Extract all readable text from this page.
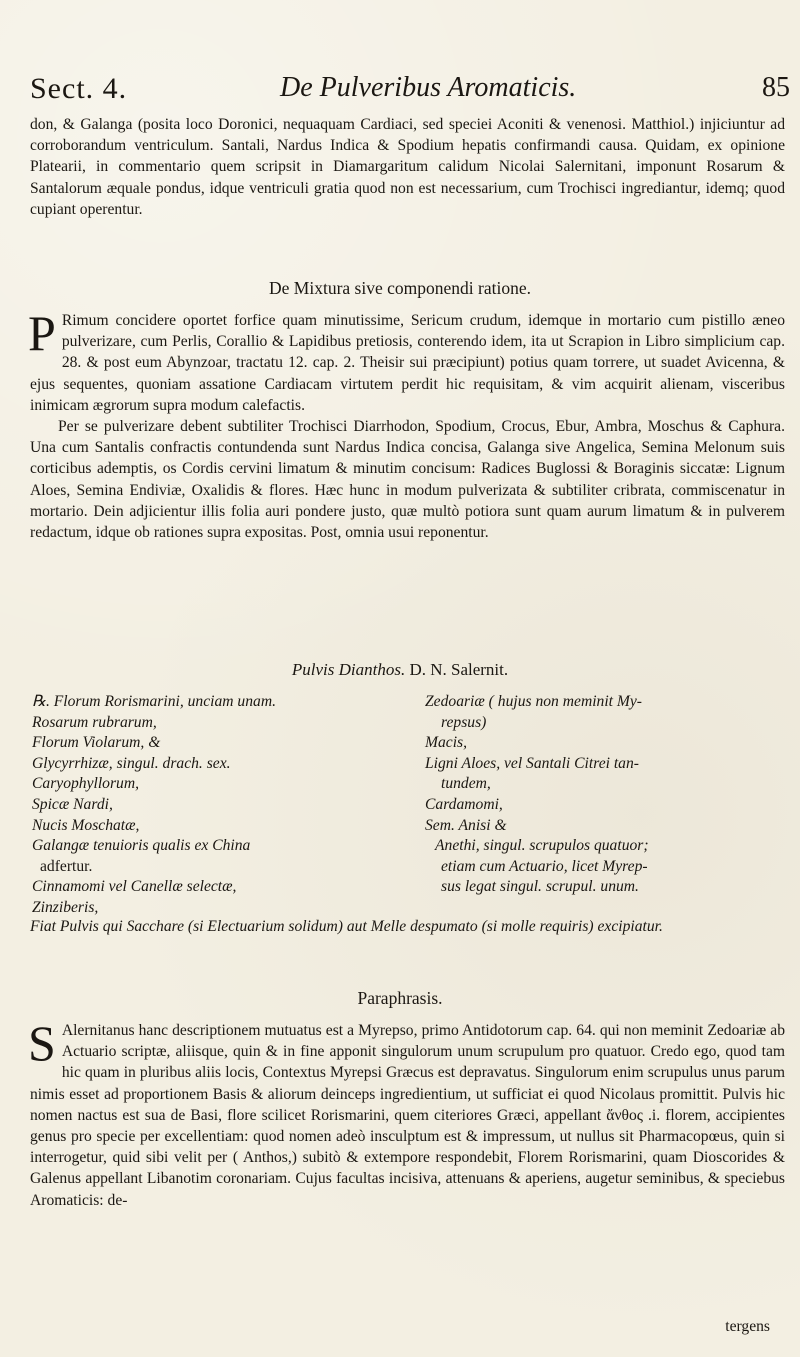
Sect. 4.	De Pulveribus Aromaticis.	85

don, & Galanga (posita loco Doronici, nequaquam Cardiaci, sed speciei Aconiti & venenosi. Matthiol.) injiciuntur ad corroborandum ventriculum. Santali, Nardus Indica & Spodium hepatis confirmandi causa. Quidam, ex opinione Platearii, in commentario quem scripsit in Diamargaritum calidum Nicolai Salernitani, imponunt Rosarum & Santalorum æquale pondus, idque ventriculi gratia quod non est necessarium, cum Trochisci ingrediantur, idemq; quod cupiant operentur.

De Mixtura sive componendi ratione.

P Rimum concidere oportet forfice quam minutissime, Sericum crudum, idemque in mortario cum pistillo æneo pulverizare, cum Perlis, Corallio & Lapidibus pretiosis, conterendo idem, ita ut Scrapion in Libro simplicium cap. 28. & post eum Abynzoar, tractatu 12. cap. 2. Theisir sui præcipiunt) potius quam torrere, ut suadet Avicenna, & ejus sequentes, quoniam assatione Cardiacam virtutem perdit hic requisitam, & vim acquirit alienam, visceribus inimicam ægrorum supra modum calefactis.

Per se pulverizare debent subtiliter Trochisci Diarrhodon, Spodium, Crocus, Ebur, Ambra, Moschus & Caphura. Una cum Santalis confractis contundenda sunt Nardus Indica concisa, Galanga sive Angelica, Semina Melonum suis corticibus ademptis, os Cordis cervini limatum & minutim concisum: Radices Buglossi & Boraginis siccatæ: Lignum Aloes, Semina Endiviæ, Oxalidis & flores. Hæc hunc in modum pulverizata & subtiliter cribrata, commiscenatur in mortario. Dein adjicientur illis folia auri pondere justo, quæ multò potiora sunt quam aurum limatum & in pulverem redactum, idque ob rationes supra expositas. Post, omnia usui reponentur.

Pulvis Dianthos. D. N. Salernit.
℞. Florum Rorismarini, unciam unam.
Rosarum rubrarum,
Florum Violarum, &
Glycyrrhizæ, singul. drach. sex.
Caryophyllorum,
Spicæ Nardi,
Nucis Moschatæ,
Galangæ tenuioris qualis ex China
adfertur.
Cinnamomi vel Canellæ selectæ,
Zinziberis,
Zedoariæ ( hujus non meminit My-
repsus)
Macis,
Ligni Aloes, vel Santali Citrei tan-
tundem,
Cardamomi,
Sem. Anisi &
Anethi, singul. scrupulos quatuor;
etiam cum Actuario, licet Myrep-
sus legat singul. scrupul. unum.
Fiat Pulvis qui Sacchare (si Electuarium solidum) aut Melle despumato (si molle requiris) excipiatur.
Paraphrasis.

S Alernitanus hanc descriptionem mutuatus est a Myrepso, primo Antidotorum cap. 64. qui non meminit Zedoariæ ab Actuario scriptæ, aliisque, quin & in fine apponit singulorum unum scrupulum pro quatuor. Credo ego, quod tam hic quam in pluribus aliis locis, Contextus Myrepsi Græcus est depravatus. Singulorum enim scrupulus unus parum nimis esset ad proportionem Basis & aliorum deinceps ingredientium, ut sufficiat ei quod Nicolaus promittit. Pulvis hic nomen nactus est sua de Basi, flore scilicet Rorismarini, quem citeriores Græci, appellant ἄνθος .i. florem, accipientes genus pro specie per excellentiam: quod nomen adeò insculptum est & impressum, ut nullus sit Pharmacopœus, quin si interrogetur, quid sibi velit per ( Anthos,) subitò & extempore respondebit, Florem Rorismarini, quam Dioscorides & Galenus appellant Libanotim coronariam. Cujus facultas incisiva, attenuans & aperiens, augetur seminibus, & speciebus Aromaticis: de-

tergens
